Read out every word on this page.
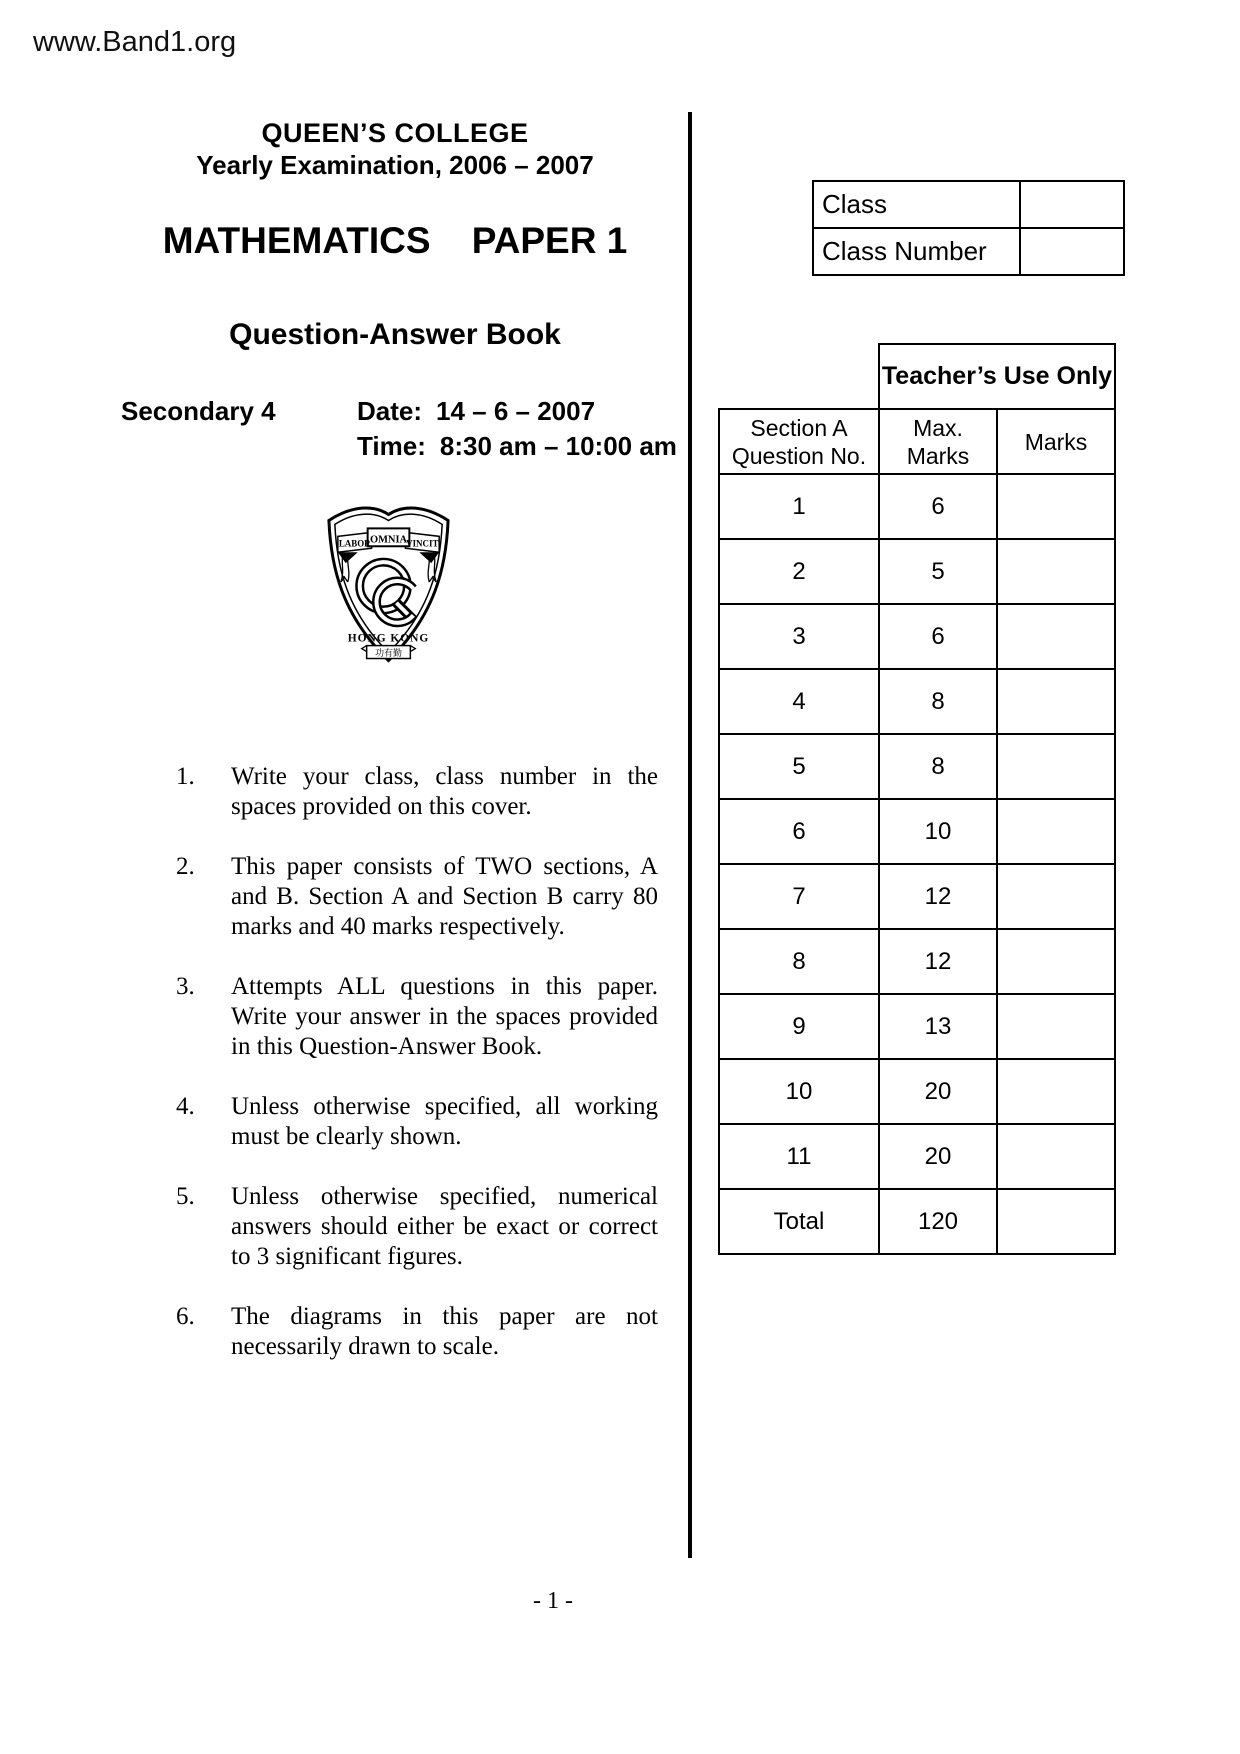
www.Band1.org
QUEEN’S COLLEGE
Yearly Examination, 2006 – 2007
MATHEMATICS    PAPER 1
Question-Answer Book
Secondary 4	Date: 14 – 6 – 2007
Time: 8:30 am – 10:00 am
LABOR OMNIA VINCIT
HONG KONG
功有勤
Class	
Class Number	
	Teacher’s Use Only	

Section A
Question No.	Max. Marks	Marks
1	6	
2	5	
3	6	
4	8	
5	8	
6	10	
7	12	
8	12	
9	13	
10	20	
11	20	
Total	120	
1.	Write your class, class number in the spaces provided on this cover.
2.	This paper consists of TWO sections, A and B. Section A and Section B carry 80 marks and 40 marks respectively.
3.	Attempts ALL questions in this paper. Write your answer in the spaces provided in this Question-Answer Book.
4.	Unless otherwise specified, all working must be clearly shown.
5.	Unless otherwise specified, numerical answers should either be exact or correct to 3 significant figures.
6.	The diagrams in this paper are not necessarily drawn to scale.
- 1 -
